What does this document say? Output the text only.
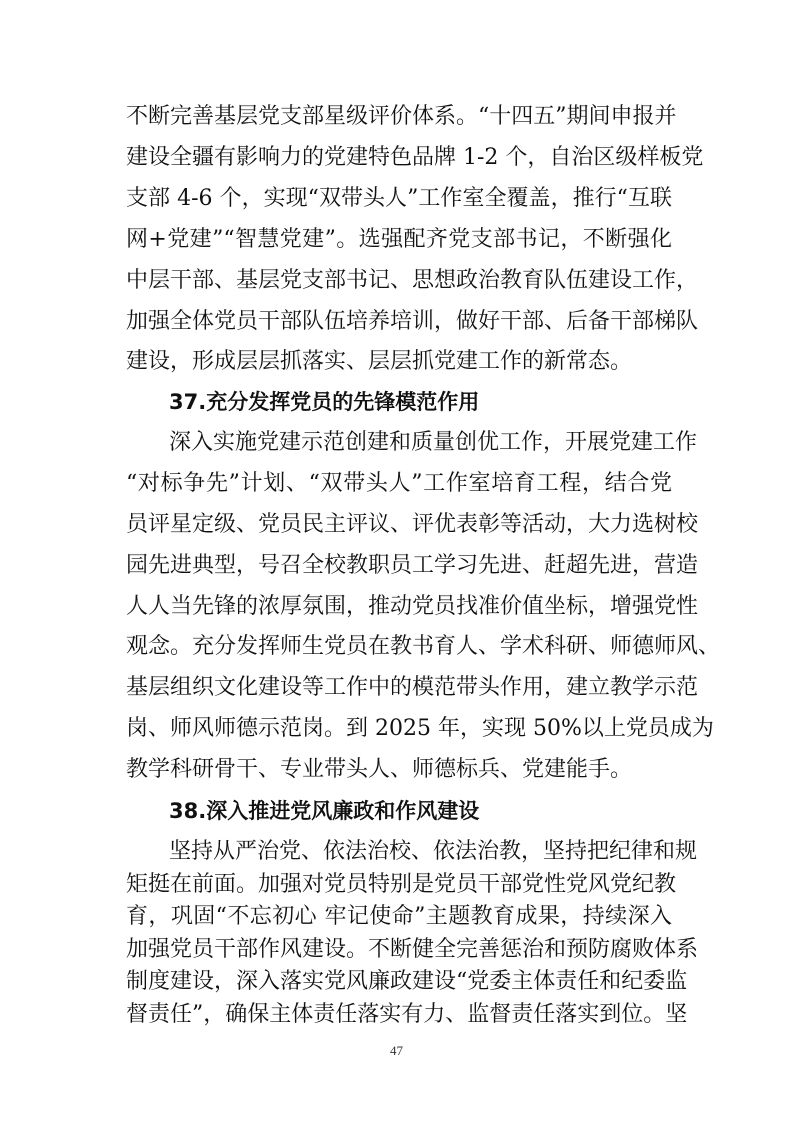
不断完善基层党支部星级评价体系。“十四五”期间申报并
建设全疆有影响力的党建特色品牌 1-2 个，自治区级样板党
支部 4-6 个，实现“双带头人”工作室全覆盖，推行“互联
网+党建”“智慧党建”。选强配齐党支部书记，不断强化
中层干部、基层党支部书记、思想政治教育队伍建设工作，
加强全体党员干部队伍培养培训，做好干部、后备干部梯队
建设，形成层层抓落实、层层抓党建工作的新常态。
37.充分发挥党员的先锋模范作用
深入实施党建示范创建和质量创优工作，开展党建工作
“对标争先”计划、“双带头人”工作室培育工程，结合党
员评星定级、党员民主评议、评优表彰等活动，大力选树校
园先进典型，号召全校教职员工学习先进、赶超先进，营造
人人当先锋的浓厚氛围，推动党员找准价值坐标，增强党性
观念。充分发挥师生党员在教书育人、学术科研、师德师风、
基层组织文化建设等工作中的模范带头作用，建立教学示范
岗、师风师德示范岗。到 2025 年，实现 50%以上党员成为
教学科研骨干、专业带头人、师德标兵、党建能手。
38.深入推进党风廉政和作风建设
坚持从严治党、依法治校、依法治教，坚持把纪律和规
矩挺在前面。加强对党员特别是党员干部党性党风党纪教
育，巩固“不忘初心 牢记使命”主题教育成果，持续深入
加强党员干部作风建设。不断健全完善惩治和预防腐败体系
制度建设，深入落实党风廉政建设“党委主体责任和纪委监
督责任”，确保主体责任落实有力、监督责任落实到位。坚
47
